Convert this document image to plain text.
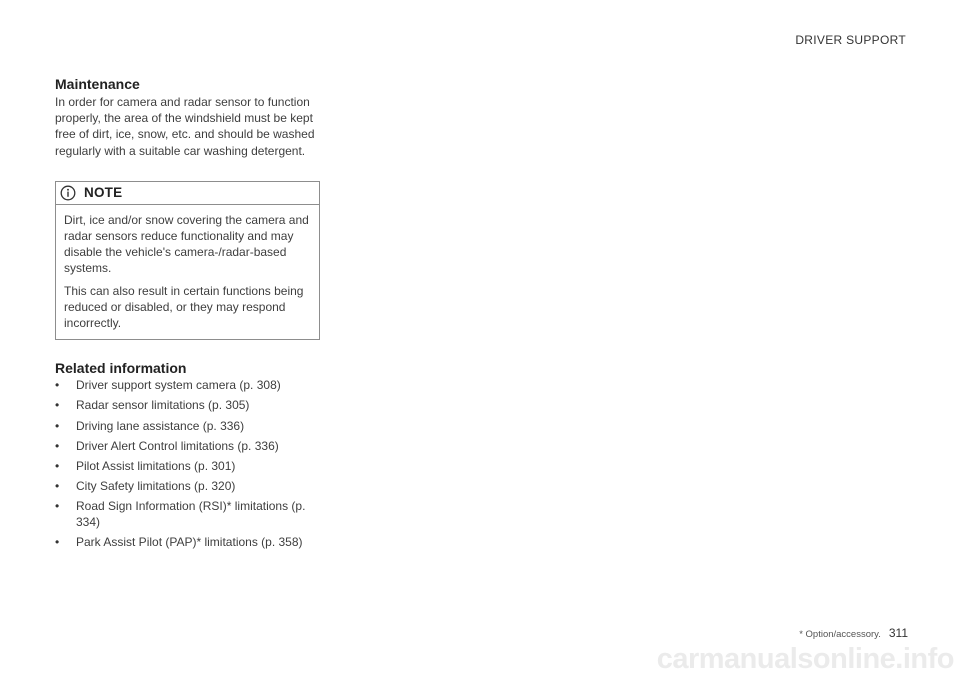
DRIVER SUPPORT
Maintenance

In order for camera and radar sensor to function properly, the area of the windshield must be kept free of dirt, ice, snow, etc. and should be washed regularly with a suitable car washing detergent.

NOTE

Dirt, ice and/or snow covering the camera and radar sensors reduce functionality and may disable the vehicle's camera-/radar-based systems.

This can also result in certain functions being reduced or disabled, or they may respond incorrectly.

Related information
• Driver support system camera (p. 308)
• Radar sensor limitations (p. 305)
• Driving lane assistance (p. 336)
• Driver Alert Control limitations (p. 336)
• Pilot Assist limitations (p. 301)
• City Safety limitations (p. 320)
• Road Sign Information (RSI)* limitations (p. 334)
• Park Assist Pilot (PAP)* limitations (p. 358)
* Option/accessory. 311
carmanualsonline.info
